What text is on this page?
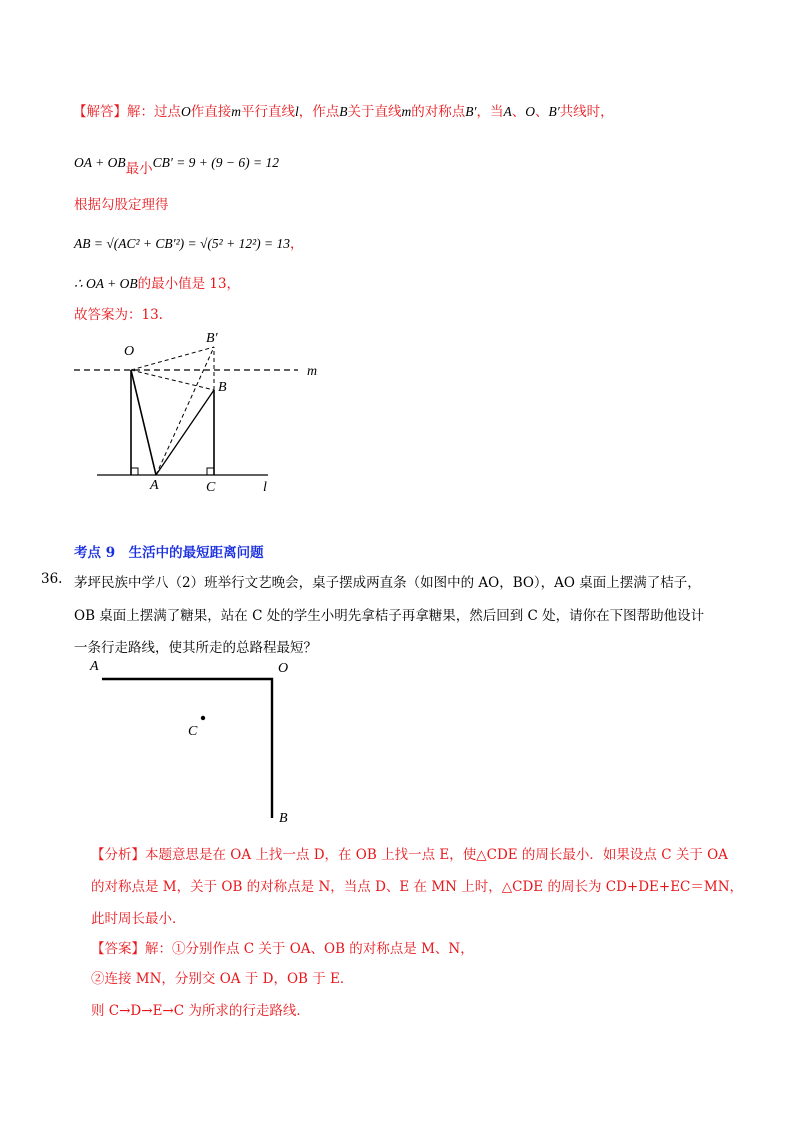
【解答】解：过点O作直接m平行直线l，作点B关于直线m的对称点B′，当A、O、B′共线时，
OA + OB最小CB′ = 9 + (9 − 6) = 12
根据勾股定理得
AB = √(AC² + CB′²) = √(5² + 12²) = 13，
∴ OA + OB的最小值是 13，
故答案为：13.
O
B′
B
m
A	C	l
A	O
C
B
考点 9　生活中的最短距离问题
36. 茅坪民族中学八（2）班举行文艺晚会，桌子摆成两直条（如图中的 AO，BO），AO 桌面上摆满了桔子，
OB 桌面上摆满了糖果，站在 C 处的学生小明先拿桔子再拿糖果，然后回到 C 处，请你在下图帮助他设计
一条行走路线，使其所走的总路程最短？
【分析】本题意思是在 OA 上找一点 D，在 OB 上找一点 E，使△CDE 的周长最小．如果设点 C 关于 OA
的对称点是 M，关于 OB 的对称点是 N，当点 D、E 在 MN 上时，△CDE 的周长为 CD+DE+EC＝MN，
此时周长最小．
【答案】解：①分别作点 C 关于 OA、OB 的对称点是 M、N，
②连接 MN，分别交 OA 于 D，OB 于 E．
则 C→D→E→C 为所求的行走路线．
